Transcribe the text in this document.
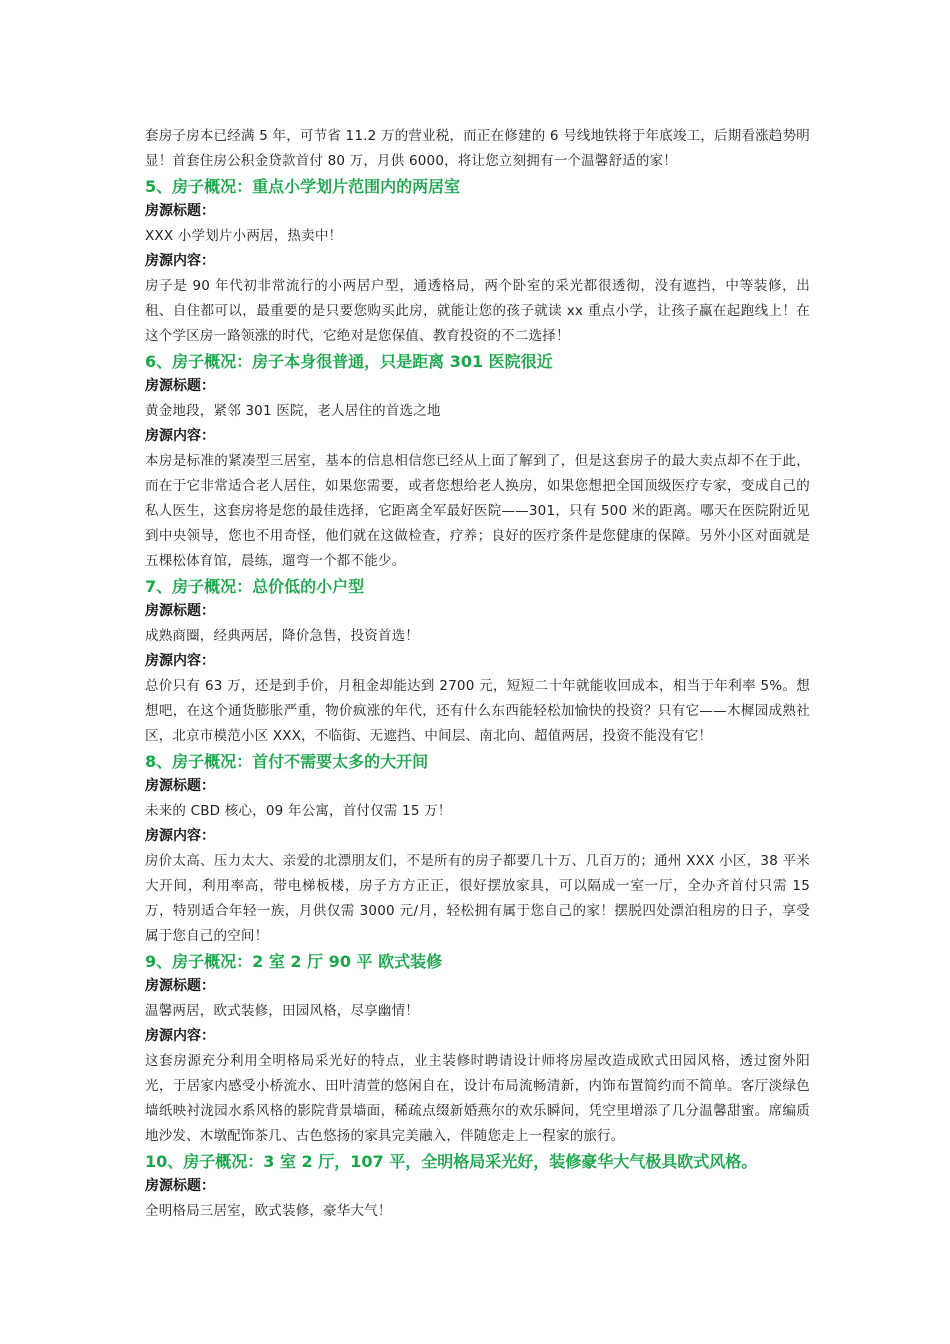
套房子房本已经满 5 年，可节省 11.2 万的营业税，而正在修建的 6 号线地铁将于年底竣工，后期看涨趋势明显！首套住房公积金贷款首付 80 万，月供 6000，将让您立刻拥有一个温馨舒适的家！

5、房子概况：重点小学划片范围内的两居室

房源标题：

XXX 小学划片小两居，热卖中！

房源内容：

房子是 90 年代初非常流行的小两居户型，通透格局，两个卧室的采光都很透彻，没有遮挡，中等装修，出租、自住都可以，最重要的是只要您购买此房，就能让您的孩子就读 xx 重点小学，让孩子赢在起跑线上！在这个学区房一路领涨的时代，它绝对是您保值、教育投资的不二选择！

6、房子概况：房子本身很普通，只是距离 301 医院很近

房源标题：

黄金地段，紧邻 301 医院，老人居住的首选之地

房源内容：

本房是标准的紧凑型三居室，基本的信息相信您已经从上面了解到了，但是这套房子的最大卖点却不在于此，而在于它非常适合老人居住，如果您需要，或者您想给老人换房，如果您想把全国顶级医疗专家，变成自己的私人医生，这套房将是您的最佳选择，它距离全军最好医院——301，只有 500 米的距离。哪天在医院附近见到中央领导，您也不用奇怪，他们就在这做检查，疗养；良好的医疗条件是您健康的保障。另外小区对面就是五棵松体育馆，晨练，遛弯一个都不能少。

7、房子概况：总价低的小户型

房源标题：

成熟商圈，经典两居，降价急售，投资首选！

房源内容：

总价只有 63 万，还是到手价，月租金却能达到 2700 元，短短二十年就能收回成本，相当于年利率 5%。想想吧，在这个通货膨胀严重，物价疯涨的年代，还有什么东西能轻松加愉快的投资？只有它——木樨园成熟社区，北京市模范小区 XXX，不临街、无遮挡、中间层、南北向、超值两居，投资不能没有它！

8、房子概况：首付不需要太多的大开间

房源标题：

未来的 CBD 核心，09 年公寓，首付仅需 15 万！

房源内容：

房价太高、压力太大、亲爱的北漂朋友们，不是所有的房子都要几十万、几百万的；通州 XXX 小区，38 平米大开间，利用率高，带电梯板楼，房子方方正正，很好摆放家具，可以隔成一室一厅，全办齐首付只需 15 万，特别适合年轻一族，月供仅需 3000 元/月，轻松拥有属于您自己的家！摆脱四处漂泊租房的日子，享受属于您自己的空间！

9、房子概况：2 室 2 厅 90 平 欧式装修

房源标题：

温馨两居，欧式装修，田园风格，尽享幽情！

房源内容：

这套房源充分利用全明格局采光好的特点，业主装修时聘请设计师将房屋改造成欧式田园风格，透过窗外阳光，于居家内感受小桥流水、田叶清萱的悠闲自在，设计布局流畅清新，内饰布置简约而不简单。客厅淡绿色墙纸映衬泷园水系风格的影院背景墙面，稀疏点缀新婚燕尔的欢乐瞬间，凭空里增添了几分温馨甜蜜。席编质地沙发、木墩配饰茶几、古色悠扬的家具完美融入，伴随您走上一程家的旅行。

10、房子概况：3 室 2 厅，107 平，全明格局采光好，装修豪华大气极具欧式风格。

房源标题：

全明格局三居室，欧式装修，豪华大气！
